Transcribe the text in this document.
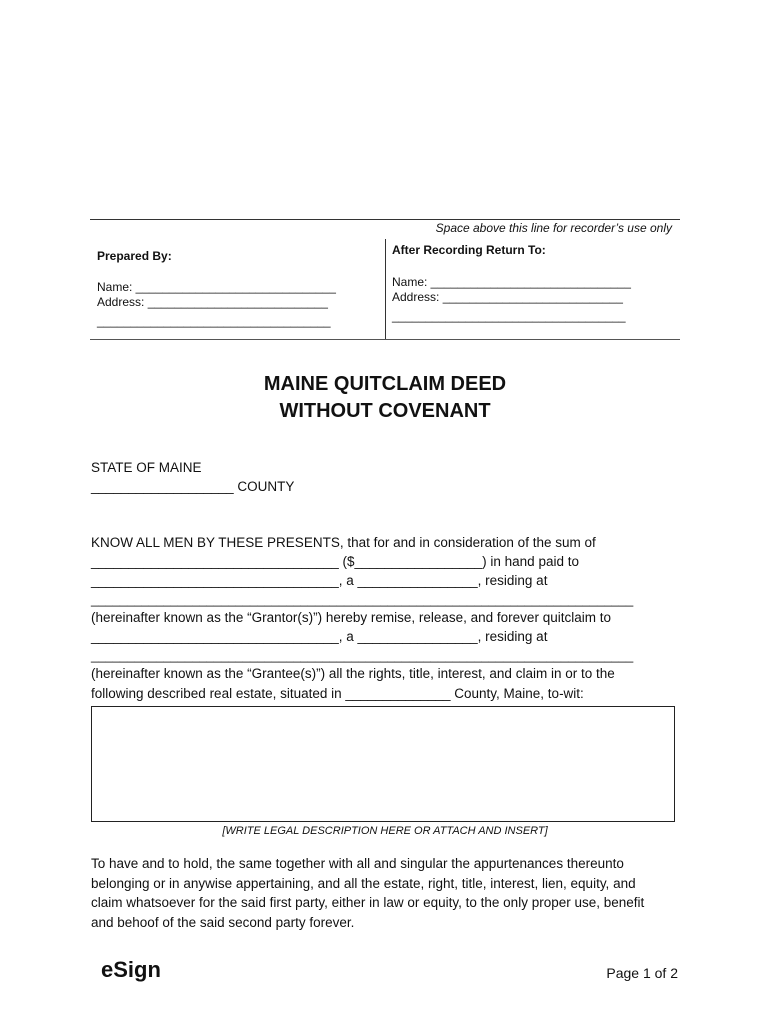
Space above this line for recorder’s use only
Prepared By:
Name: ______________________________
Address: ___________________________
___________________________________
After Recording Return To:
Name: ______________________________
Address: ___________________________
___________________________________
MAINE QUITCLAIM DEED
WITHOUT COVENANT
STATE OF MAINE
___________________ COUNTY
KNOW ALL MEN BY THESE PRESENTS, that for and in consideration of the sum of
_________________________________ ($_________________) in hand paid to
_________________________________, a ________________, residing at
___________________________________________________________________________
(hereinafter known as the “Grantor(s)”) hereby remise, release, and forever quitclaim to
_________________________________, a ________________, residing at
___________________________________________________________________________
(hereinafter known as the “Grantee(s)”) all the rights, title, interest, and claim in or to the
following described real estate, situated in ______________ County, Maine, to-wit:
[WRITE LEGAL DESCRIPTION HERE OR ATTACH AND INSERT]
To have and to hold, the same together with all and singular the appurtenances thereunto
belonging or in anywise appertaining, and all the estate, right, title, interest, lien, equity, and
claim whatsoever for the said first party, either in law or equity, to the only proper use, benefit
and behoof of the said second party forever.
eSign	Page 1 of 2
